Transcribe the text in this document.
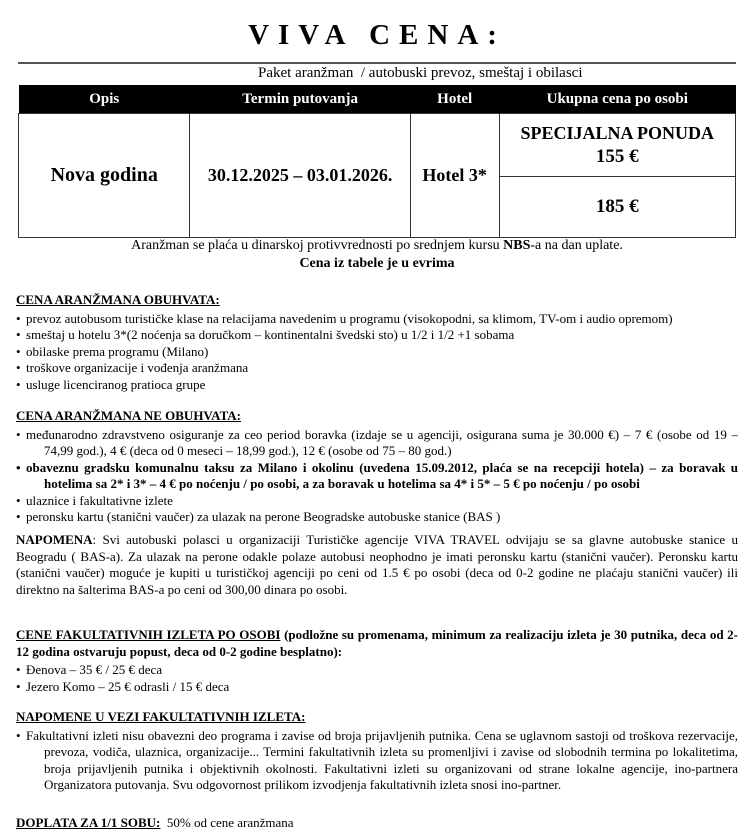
VIVA CENA:
Paket aranžman  / autobuski prevoz, smeštaj i obilasci
Opis	Termin putovanja	Hotel	Ukupna cena po osobi
Nova godina	30.12.2025 – 03.01.2026.	Hotel 3*	SPECIJALNA PONUDA
155 €

			185 €
Aranžman se plaća u dinarskoj protivvrednosti po srednjem kursu NBS-a na dan uplate.
Cena iz tabele je u evrima
CENA ARANŽMANA OBUHVATA:
• prevoz autobusom turističke klase na relacijama navedenim u programu (visokopodni, sa klimom, TV-om i audio opremom)
• smeštaj u hotelu 3*(2 noćenja sa doručkom – kontinentalni švedski sto) u 1/2 i 1/2 +1 sobama
• obilaske prema programu (Milano)
• troškove organizacije i vođenja aranžmana
• usluge licenciranog pratioca grupe
CENA ARANŽMANA NE OBUHVATA:
• međunarodno zdravstveno osiguranje za ceo period boravka (izdaje se u agenciji, osigurana suma je 30.000 €) – 7 € (osobe od 19 – 74,99 god.), 4 € (deca od 0 meseci – 18,99 god.), 12 € (osobe od 75 – 80 god.)
• obaveznu gradsku komunalnu taksu za Milano i okolinu (uvedena 15.09.2012, plaća se na recepciji hotela) – za boravak u hotelima sa 2* i 3* – 4 € po noćenju / po osobi, a za boravak u hotelima sa 4* i 5* – 5 € po noćenju / po osobi
• ulaznice i fakultativne izlete
• peronsku kartu (stanični vaučer) za ulazak na perone Beogradske autobuske stanice (BAS )
NAPOMENA: Svi autobuski polasci u organizaciji Turističke agencije VIVA TRAVEL odvijaju se sa glavne autobuske stanice u Beogradu ( BAS-a). Za ulazak na perone odakle polaze autobusi neophodno je imati peronsku kartu (stanični vaučer). Peronsku kartu (stanični vaučer) moguće je kupiti u turističkoj agenciji po ceni od 1.5 € po osobi (deca od 0-2 godine ne plaćaju stanični vaučer) ili direktno na šalterima BAS-a po ceni od 300,00 dinara po osobi.
CENE FAKULTATIVNIH IZLETA PO OSOBI (podložne su promenama, minimum za realizaciju izleta je 30 putnika, deca od 2-12 godina ostvaruju popust, deca od 0-2 godine besplatno):
• Đenova – 35 € / 25 € deca
• Jezero Komo – 25 € odrasli / 15 € deca
NAPOMENE U VEZI FAKULTATIVNIH IZLETA:
• Fakultativni izleti nisu obavezni deo programa i zavise od broja prijavljenih putnika. Cena se uglavnom sastoji od troškova rezervacije, prevoza, vodiča, ulaznica, organizacije... Termini fakultativnih izleta su promenljivi i zavise od slobodnih termina po lokalitetima, broja prijavljenih putnika i objektivnih okolnosti. Fakultativni izleti su organizovani od strane lokalne agencije, ino-partnera Organizatora putovanja. Svu odgovornost prilikom izvodjenja fakultativnih izleta snosi ino-partner.
DOPLATA ZA 1/1 SOBU:  50% od cene aranžmana
